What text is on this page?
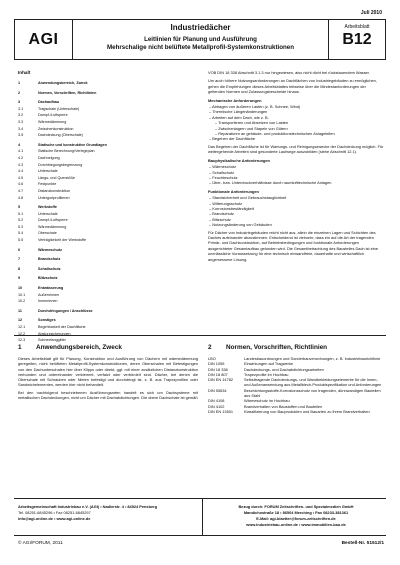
Juli 2010
AGI
Industriedächer
Leitlinien für Planung und Ausführung
Mehrschalige nicht belüftete Metallprofil-Systemkonstruktionen
Arbeitsblatt
B12
Inhalt
1	Anwendungsbereich, Zweck
2	Normen, Vorschriften, Richtlinien
3	Dachaufbau
3.1	Tragschale (Unterschale)
3.2	Dampf-/Luftsperre
3.3	Wärmedämmung
3.4	Zwischenkonstruktion
3.5	Dachdeckung (Oberschale)
4	Statische und konstruktive Grundlagen
4.1	Statische Berechnung/Verlegeplan
4.2	Dachneigung
4.3	Durchbiegungsbegrenzung
4.4	Unterschale
4.5	Längs- und Querstöße
4.6	Festpunkte
4.7	Distanzkonstruktion
4.8	Untergurtprofilieren
5	Werkstoffe
5.1	Unterschale
5.2	Dampf-/Luftsperre
5.3	Wärmedämmung
5.4	Oberschale
5.5	Verträglichkeit der Werkstoffe
6	Wärmeschutz
7	Brandschutz
8	Schallschutz
9	Blitzschutz
10	Entwässerung
10.1	Außenrinnen
10.2	Innenrinnen
11	Durchdringungen / Anschlüsse
12	Sonstiges
12.1	Begehbarkeit der Dachfläche
12.2	Absturzsicherungen
12.3	Schneefanggitter

VOB DIN 18 338 Abschnitt 3.1.3 nur hingewiesen, also nicht dicht bei rückstauendem Wasser.

Um auch höhere Nutzungsanforderungen an Dachflächen von Industriegebäuden zu ermöglichen, gehen die Empfehlungen dieses Arbeitsblattes teilweise über die Mindestanforderungen der geltenden Normen und Zulassungsbescheide hinaus.

Mechanische Anforderungen
– Abtragen von äußeren Lasten (z. B. Schnee, Wind)
– Thermische Längenänderungen
– Arbeiten auf dem Dach, wie z. B.
– Transportieren und Absetzen von Lasten
– Zwischenlagern und Stapeln von Gütern
– Reparaturen an gebäude- und produktionstechnischen Anlageteilen
– Begehen der Dachfläche

Das Begehen der Dachfläche ist für Wartungs- und Reinigungszwecke der Dachdeckung möglich. Für weitergehende Arbeiten sind gesonderte Laufwege auszubilden (siehe Abschnitt 12.1).

Bauphysikalische Anforderungen
– Wärmeschutz
– Schallschutz
– Feuchteschutz
– Über- bzw. Unterdruckverhältnisse durch raumlufttechnische Anlagen
Funktionale Anforderungen
– Standsicherheit und Gebrauchstauglichkeit
– Witterungsschutz
– Korrosionsbeständigkeit
– Brandschutz
– Blitzschutz
– Nutzungsänderung von Gebäuden

Für Dächer von Industriegebäuden reicht nicht aus, allein die einzelnen Lagen und Schichten des Daches aufeinander abzustimmen. Entscheidend ist vielmehr, dass ein auf die Art der tragenden Primär- und Dachkonstruktion, auf Betriebsbedingungen und funktionale Anforderungen ausgerichteter Gesamtaufbau gefunden wird. Die Gesamtbetrachtung des Baustelles Dach ist eine unerlässliche Voraussetzung für eine technisch einwandfreie, dauerhafte und wirtschaftlich angemessene Lösung.

1	Anwendungsbereich, Zweck

Dieses Arbeitsblatt gilt für Planung, Konstruktion und Ausführung von Dächern mit wärmedämmung geregelten, nicht belüfteten Metallprofil-Systemkonstruktionen, deren Oberschalen mit Befestigungen von den Dachunterschalen hier über Klipps oder direkt, ggf. mit einer zusätzlichen Distanzkonstruktion verbunden und untereinander verklemmt, verfalzt oder verbördelt sind. Dächer, bei denen die Oberschale mit Schrauben oder Nieten befestigt und durchdringt ist, z. B. aus Trapezprofilen oder Sandwichelementen, werden hier nicht behandelt.

Bei den nachfolgend beschriebenen Ausführungsarten handelt es sich um Dachsysteme mit metallischen Dachdeckungen, nicht um Dächer mit Dachabdichtungen. Die obere Dachschale ist gemäß

2	Normen, Vorschriften, Richtlinien
LBO	Landesbauordnungen und Sonderbauverordnungen, z. B. Industriebaurichtlinie
DIN 1055	Einwirkungen auf Tragwerke
DIN 18 338	Dachdeckungs- und Dachabdichtungsarbeiten
DIN 18 807	Trapezprofile im Hochbau
DIN EN 14782	Selbsttragende Dachdeckungs- und Wandbekleidungselemente für die Innen- und Außenanwendung aus Metallblech-Produktspezifikation und Anforderungen
DIN 55634	Beschichtungsstoffe-Korrosionsschutz von tragenden, dünnwandigen Bauteilen aus Stahl
DIN 4108	Wärmeschutz im Hochbau
DIN 4102	Brandverhalten von Baustoffen und Bauteilen
DIN EN 13501	Klassifizierung von Bauprodukten und Bauarten zu ihrem Brandverhalten
Arbeitsgemeinschaft Industriebau e.V. (AGI) • Nadlerstr. 4 • 84524 Pensberg
Tel. 08251-6845296 • Fax 08251-6845297
info@agi-online.de • www.agi-online.de
Bezug durch: FORUM Zeitschriften- und Spezialmedien GmbH
Mandichostraße 18 • 86504 Merching • Fax 08233-381361
E-Mail: agi-blaetter@forum-zeitschriften.de
www.industriebau-online.de • www.immobilien-bau.de
© AGI/FORUM, 2011	Bestell-Nr. 51512/1
